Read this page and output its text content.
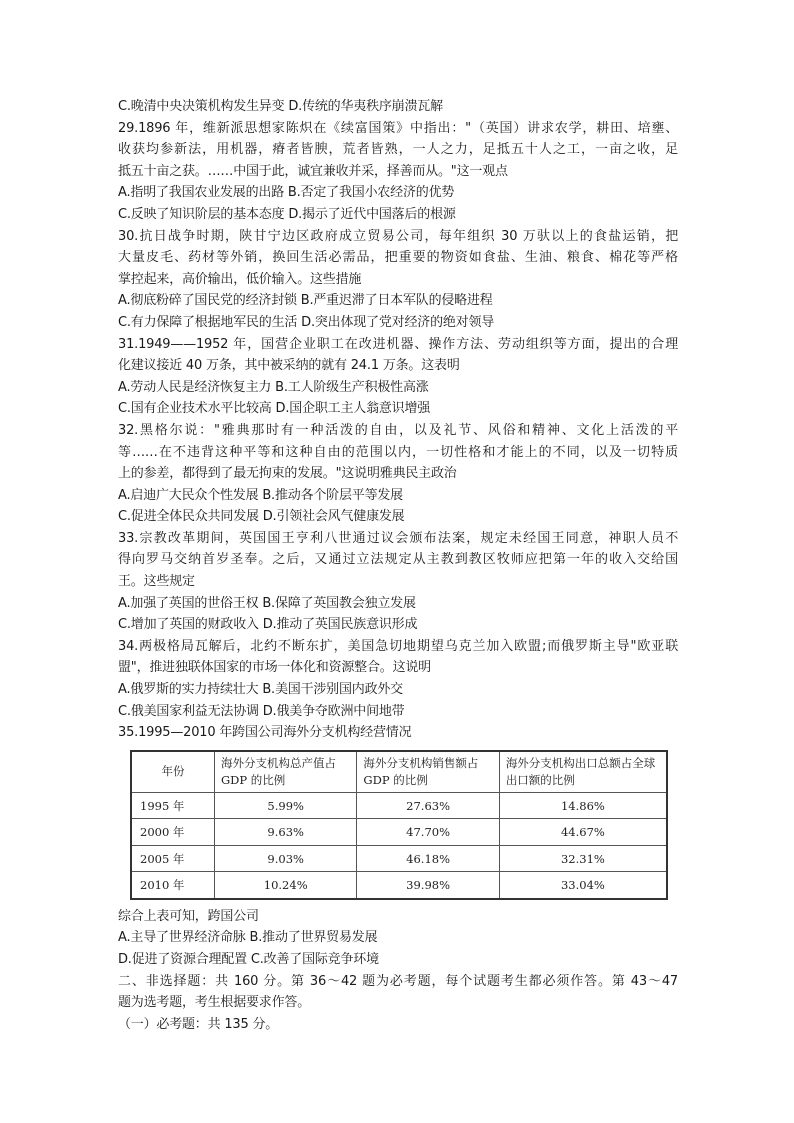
C.晚清中央决策机构发生异变 D.传统的华夷秩序崩溃瓦解
29.1896 年，维新派思想家陈炽在《续富国策》中指出："（英国）讲求农学，耕田、培壅、
收获均参新法，用机器，瘠者皆腴，荒者皆熟，一人之力，足抵五十人之工，一亩之收，足
抵五十亩之获。……中国于此，诚宜兼收并采，择善而从。"这一观点
A.指明了我国农业发展的出路 B.否定了我国小农经济的优势
C.反映了知识阶层的基本态度 D.揭示了近代中国落后的根源
30.抗日战争时期，陕甘宁边区政府成立贸易公司，每年组织 30 万驮以上的食盐运销，把
大量皮毛、药材等外销，换回生活必需品，把重要的物资如食盐、生油、粮食、棉花等严格
掌控起来，高价输出，低价输入。这些措施
A.彻底粉碎了国民党的经济封锁 B.严重迟滞了日本军队的侵略进程
C.有力保障了根据地军民的生活 D.突出体现了党对经济的绝对领导
31.1949——1952 年，国营企业职工在改进机器、操作方法、劳动组织等方面，提出的合理
化建议接近 40 万条，其中被采纳的就有 24.1 万条。这表明
A.劳动人民是经济恢复主力 B.工人阶级生产积极性高涨
C.国有企业技术水平比较高 D.国企职工主人翁意识增强
32.黑格尔说："雅典那时有一种活泼的自由，以及礼节、风俗和精神、文化上活泼的平
等……在不违背这种平等和这种自由的范围以内，一切性格和才能上的不同，以及一切特质
上的参差，都得到了最无拘束的发展。"这说明雅典民主政治
A.启迪广大民众个性发展 B.推动各个阶层平等发展
C.促进全体民众共同发展 D.引领社会风气健康发展
33.宗教改革期间，英国国王亨利八世通过议会颁布法案，规定未经国王同意，神职人员不
得向罗马交纳首岁圣奉。之后，又通过立法规定从主教到教区牧师应把第一年的收入交给国
王。这些规定
A.加强了英国的世俗王权 B.保障了英国教会独立发展
C.增加了英国的财政收入 D.推动了英国民族意识形成
34.两极格局瓦解后，北约不断东扩，美国急切地期望乌克兰加入欧盟;而俄罗斯主导"欧亚联
盟"，推进独联体国家的市场一体化和资源整合。这说明
A.俄罗斯的实力持续壮大 B.美国干涉别国内政外交
C.俄美国家利益无法协调 D.俄美争夺欧洲中间地带
35.1995—2010 年跨国公司海外分支机构经营情况
年份	海外分支机构总产值占GDP 的比例	海外分支机构销售额占GDP 的比例	海外分支机构出口总额占全球出口额的比例
1995 年	5.99%	27.63%	14.86%
2000 年	9.63%	47.70%	44.67%
2005 年	9.03%	46.18%	32.31%
2010 年	10.24%	39.98%	33.04%
综合上表可知，跨国公司
A.主导了世界经济命脉 B.推动了世界贸易发展
D.促进了资源合理配置 C.改善了国际竞争环境
二、非选择题：共 160 分。第 36～42 题为必考题，每个试题考生都必须作答。第 43～47
题为选考题，考生根据要求作答。
（一）必考题：共 135 分。
